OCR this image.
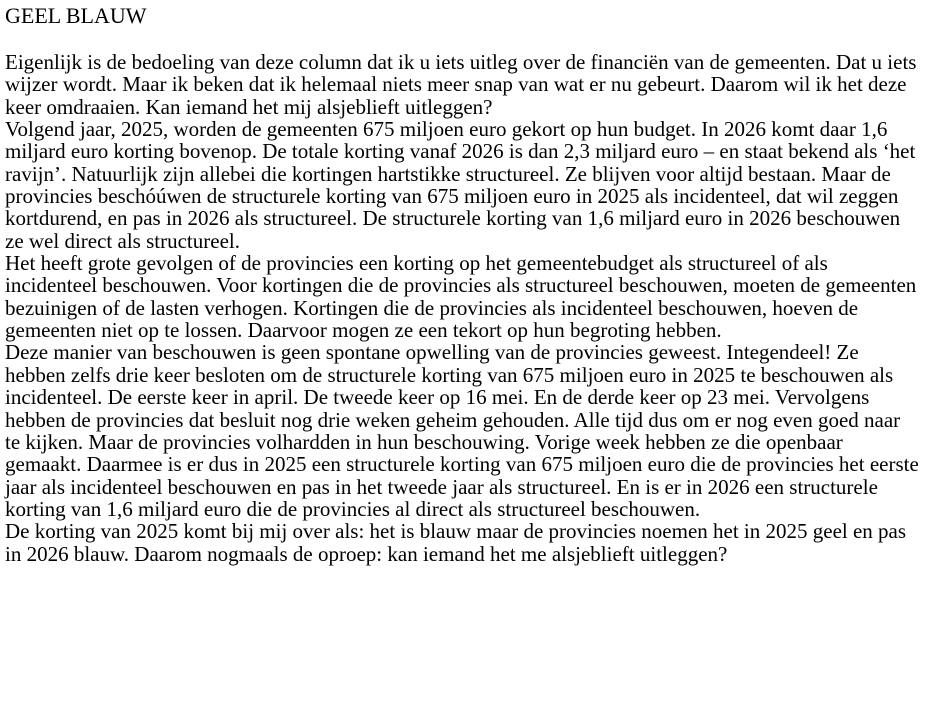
GEEL BLAUW

Eigenlijk is de bedoeling van deze column dat ik u iets uitleg over de financiën van de gemeenten. Dat u iets wijzer wordt. Maar ik beken dat ik helemaal niets meer snap van wat er nu gebeurt. Daarom wil ik het deze keer omdraaien. Kan iemand het mij alsjeblieft uitleggen?

Volgend jaar, 2025, worden de gemeenten 675 miljoen euro gekort op hun budget. In 2026 komt daar 1,6 miljard euro korting bovenop. De totale korting vanaf 2026 is dan 2,3 miljard euro – en staat bekend als ‘het ravijn’. Natuurlijk zijn allebei die kortingen hartstikke structureel. Ze blijven voor altijd bestaan. Maar de provincies beschóúwen de structurele korting van 675 miljoen euro in 2025 als incidenteel, dat wil zeggen kortdurend, en pas in 2026 als structureel. De structurele korting van 1,6 miljard euro in 2026 beschouwen ze wel direct als structureel.

Het heeft grote gevolgen of de provincies een korting op het gemeentebudget als structureel of als incidenteel beschouwen. Voor kortingen die de provincies als structureel beschouwen, moeten de gemeenten bezuinigen of de lasten verhogen. Kortingen die de provincies als incidenteel beschouwen, hoeven de gemeenten niet op te lossen. Daarvoor mogen ze een tekort op hun begroting hebben.

Deze manier van beschouwen is geen spontane opwelling van de provincies geweest. Integendeel! Ze hebben zelfs drie keer besloten om de structurele korting van 675 miljoen euro in 2025 te beschouwen als incidenteel. De eerste keer in april. De tweede keer op 16 mei. En de derde keer op 23 mei. Vervolgens hebben de provincies dat besluit nog drie weken geheim gehouden. Alle tijd dus om er nog even goed naar te kijken. Maar de provincies volhardden in hun beschouwing. Vorige week hebben ze die openbaar gemaakt. Daarmee is er dus in 2025 een structurele korting van 675 miljoen euro die de provincies het eerste jaar als incidenteel beschouwen en pas in het tweede jaar als structureel. En is er in 2026 een structurele korting van 1,6 miljard euro die de provincies al direct als structureel beschouwen.

De korting van 2025 komt bij mij over als: het is blauw maar de provincies noemen het in 2025 geel en pas in 2026 blauw. Daarom nogmaals de oproep: kan iemand het me alsjeblieft uitleggen?
